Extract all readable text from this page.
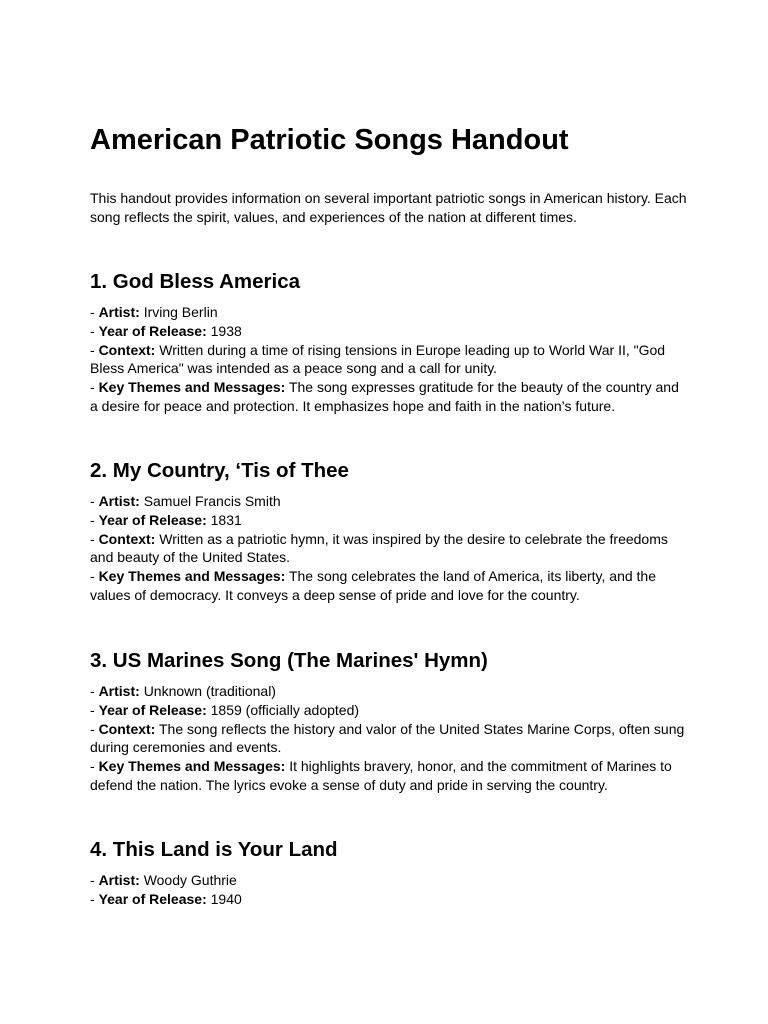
American Patriotic Songs Handout

This handout provides information on several important patriotic songs in American history. Each song reflects the spirit, values, and experiences of the nation at different times.

1. God Bless America

- Artist: Irving Berlin

- Year of Release: 1938

- Context: Written during a time of rising tensions in Europe leading up to World War II, "God Bless America" was intended as a peace song and a call for unity.

- Key Themes and Messages: The song expresses gratitude for the beauty of the country and a desire for peace and protection. It emphasizes hope and faith in the nation’s future.

2. My Country, ‘Tis of Thee

- Artist: Samuel Francis Smith

- Year of Release: 1831

- Context: Written as a patriotic hymn, it was inspired by the desire to celebrate the freedoms and beauty of the United States.

- Key Themes and Messages: The song celebrates the land of America, its liberty, and the values of democracy. It conveys a deep sense of pride and love for the country.

3. US Marines Song (The Marines' Hymn)

- Artist: Unknown (traditional)

- Year of Release: 1859 (officially adopted)

- Context: The song reflects the history and valor of the United States Marine Corps, often sung during ceremonies and events.

- Key Themes and Messages: It highlights bravery, honor, and the commitment of Marines to defend the nation. The lyrics evoke a sense of duty and pride in serving the country.

4. This Land is Your Land

- Artist: Woody Guthrie

- Year of Release: 1940
